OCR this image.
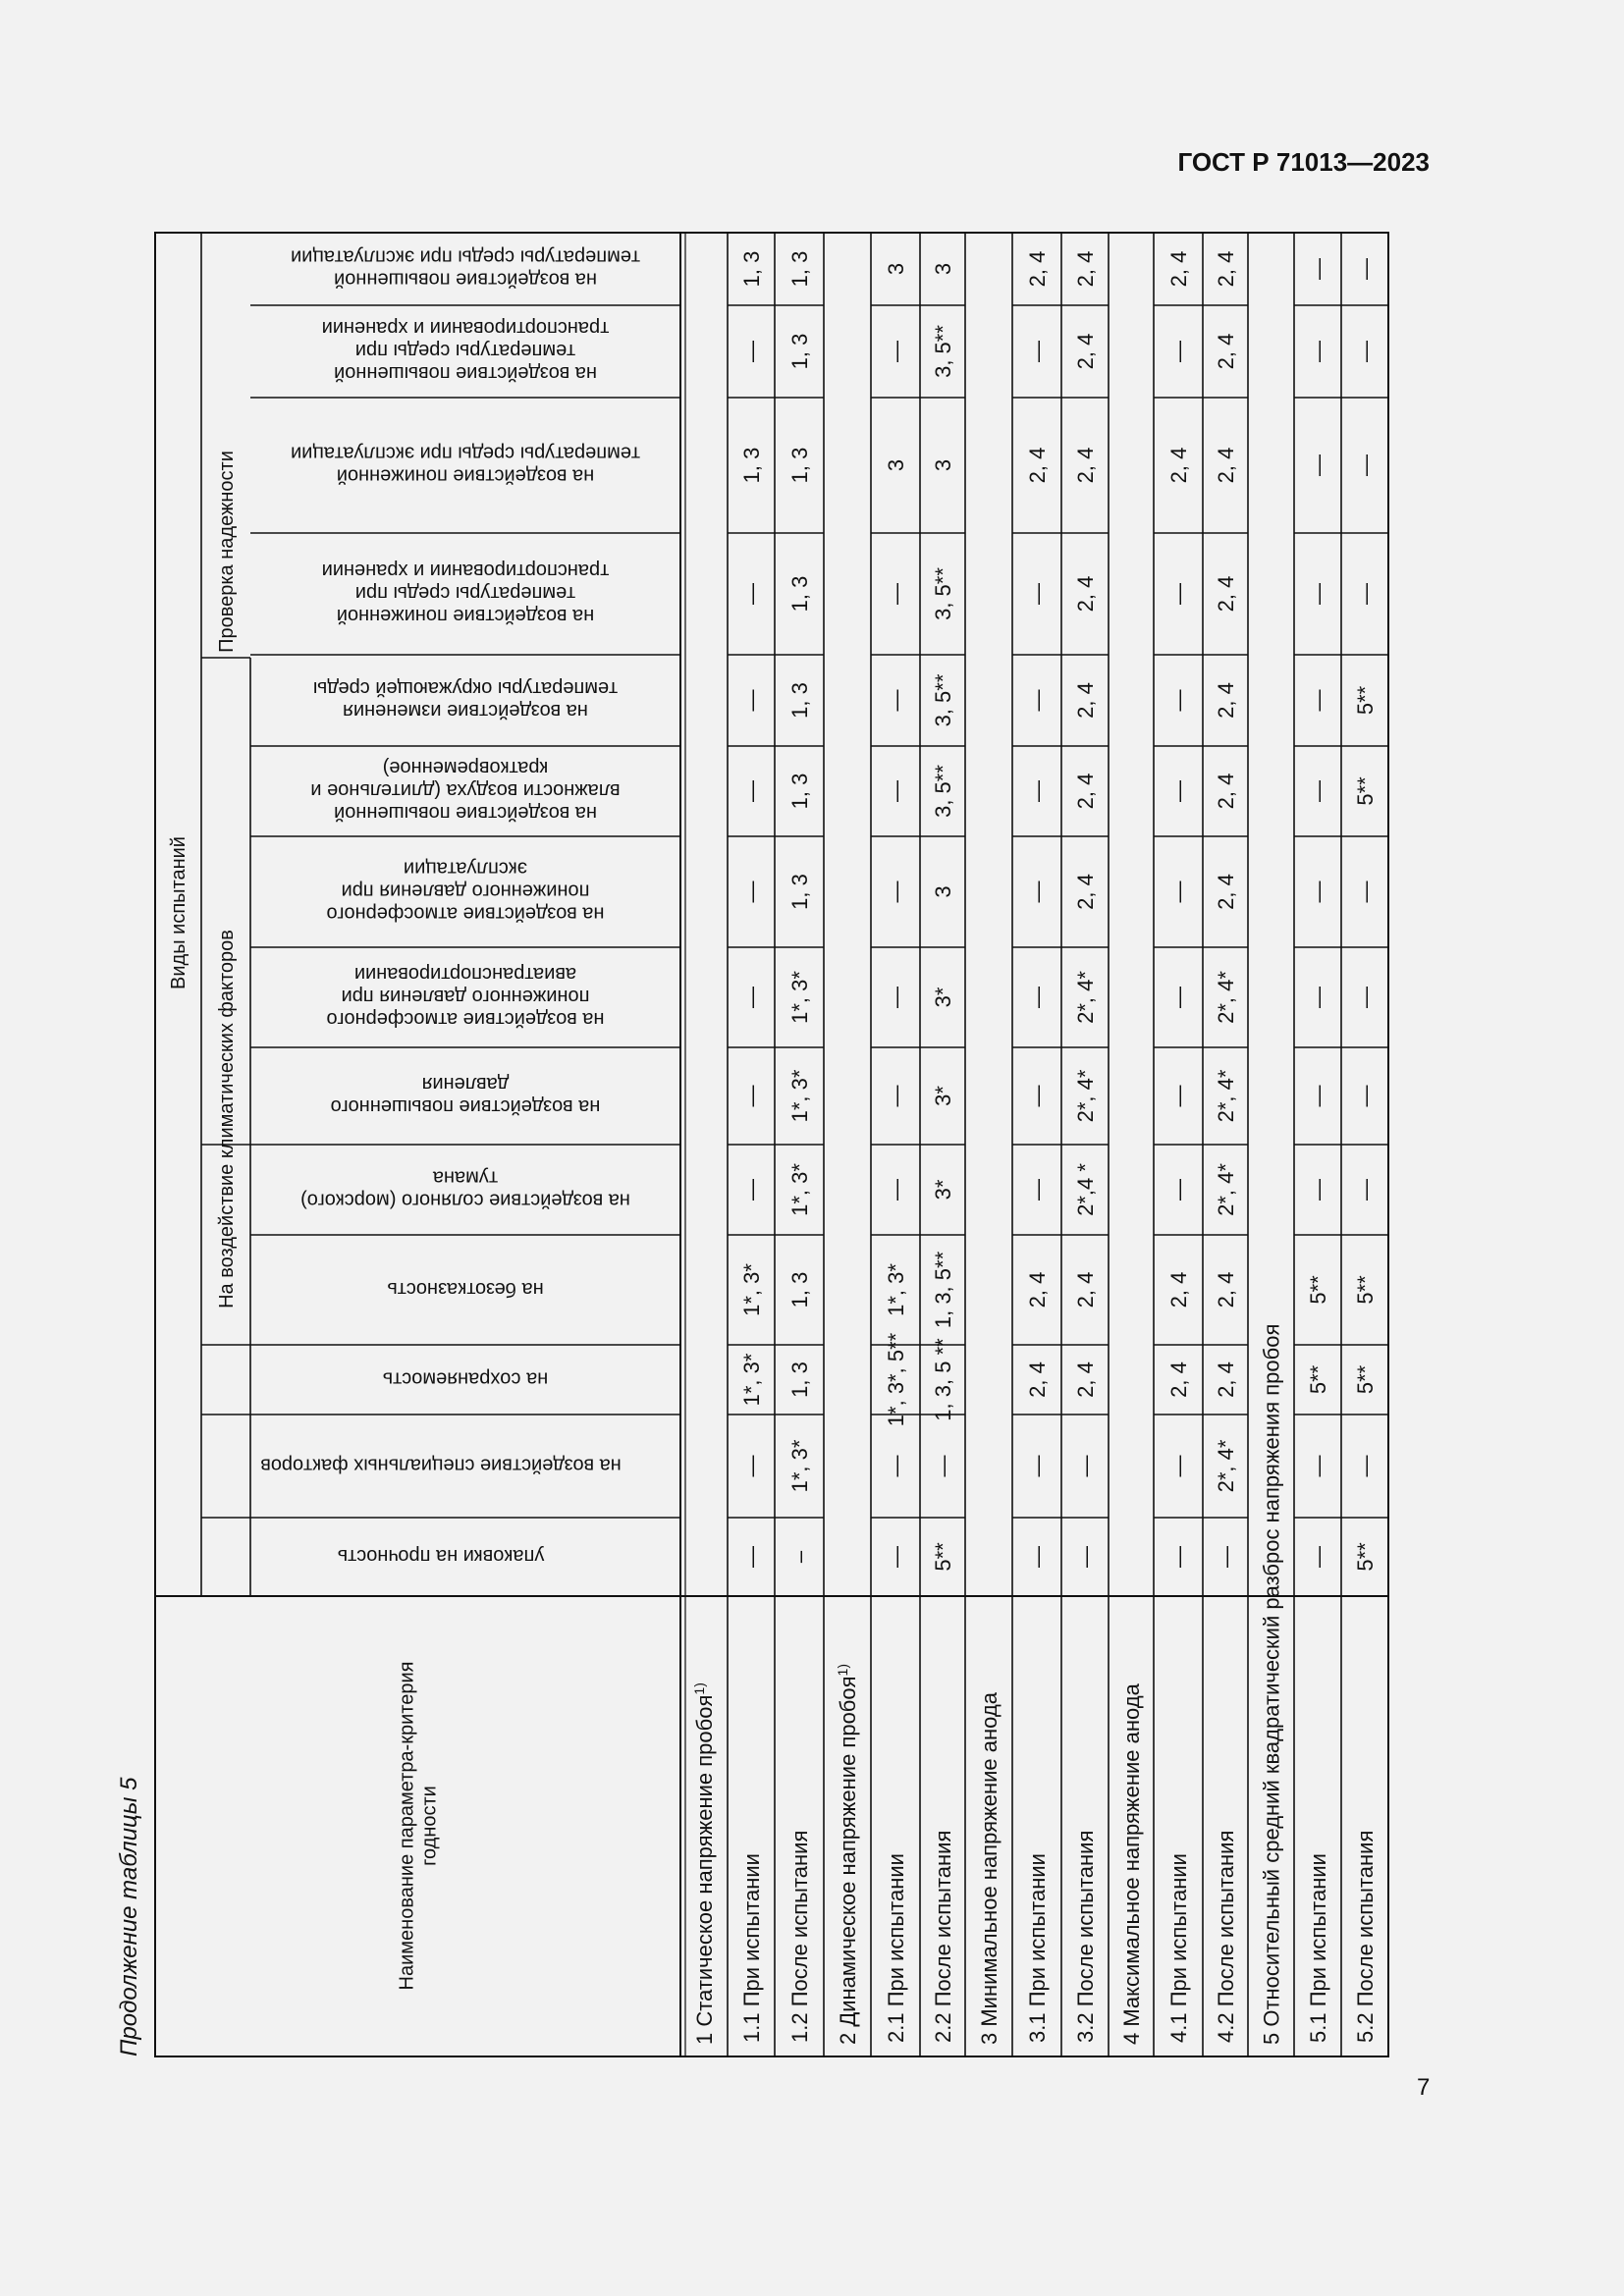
ГОСТ Р 71013—2023
Продолжение таблицы 5
7
Виды испытаний
На воздействие климатических факторов
Проверка надежности
Наименование параметра-критериягодности
на воздействие повышеннойтемпературы среды при эксплуатации
на воздействие повышеннойтемпературы среды притранспортировании и хранении
на воздействие пониженнойтемпературы среды при эксплуатации
на воздействие пониженнойтемпературы среды притранспортировании и хранении
на воздействие изменениятемпературы окружающей среды
на воздействие повышеннойвлажности воздуха (длительное икратковременное)
на воздействие атмосферногопониженного давления приэксплуатации
на воздействие атмосферногопониженного давления приавиатранспортировании
на воздействие повышенногодавления
на воздействие соляного (морского)тумана
на безотказность
на сохраняемость
на воздействие специальных факторов
упаковки на прочность
1 Статическое напряжение пробоя$^{1)}$
1.1 При испытании
1, 3
—
1, 3
—
—
—
—
—
—
—
1*, 3*
1*, 3*
—
—
1.2 После испытания
1, 3
1, 3
1, 3
1, 3
1, 3
1, 3
1, 3
1*, 3*
1*, 3*
1*, 3*
1, 3
1, 3
1*, 3*
–
2 Динамическое напряжение пробоя$^{1)}$
2.1 При испытании
3
—
3
—
—
—
—
—
—
—
1*, 3*
1*, 3*, 5**
—
—
2.2 После испытания
3
3, 5**
3
3, 5**
3, 5**
3, 5**
3
3*
3*
3*
1, 3, 5**
1, 3, 5 **
—
5**
3 Минимальное напряжение анода 3.1 При испытании
2, 4
—
2, 4
—
—
—
—
—
—
—
2, 4
2, 4
—
—
3.2 После испытания
2, 4
2, 4
2, 4
2, 4
2, 4
2, 4
2, 4
2*, 4*
2*, 4*
2*,4 *
2, 4
2, 4
—
—
4 Максимальное напряжение анода 4.1 При испытании
2, 4
—
2, 4
—
—
—
—
—
—
—
2, 4
2, 4
—
—
4.2 После испытания
2, 4
2, 4
2, 4
2, 4
2, 4
2, 4
2, 4
2*, 4*
2*, 4*
2*, 4*
2, 4
2, 4
2*, 4*
— 5 Относительный средний квадратический разброс напряжения пробоя 5.1 При испытании
—
—
—
—
—
—
—
—
—
—
5**
5**
—
—
5.2 После испытания
—
—
—
—
5**
5**
—
—
—
—
5**
5**
—
5**
